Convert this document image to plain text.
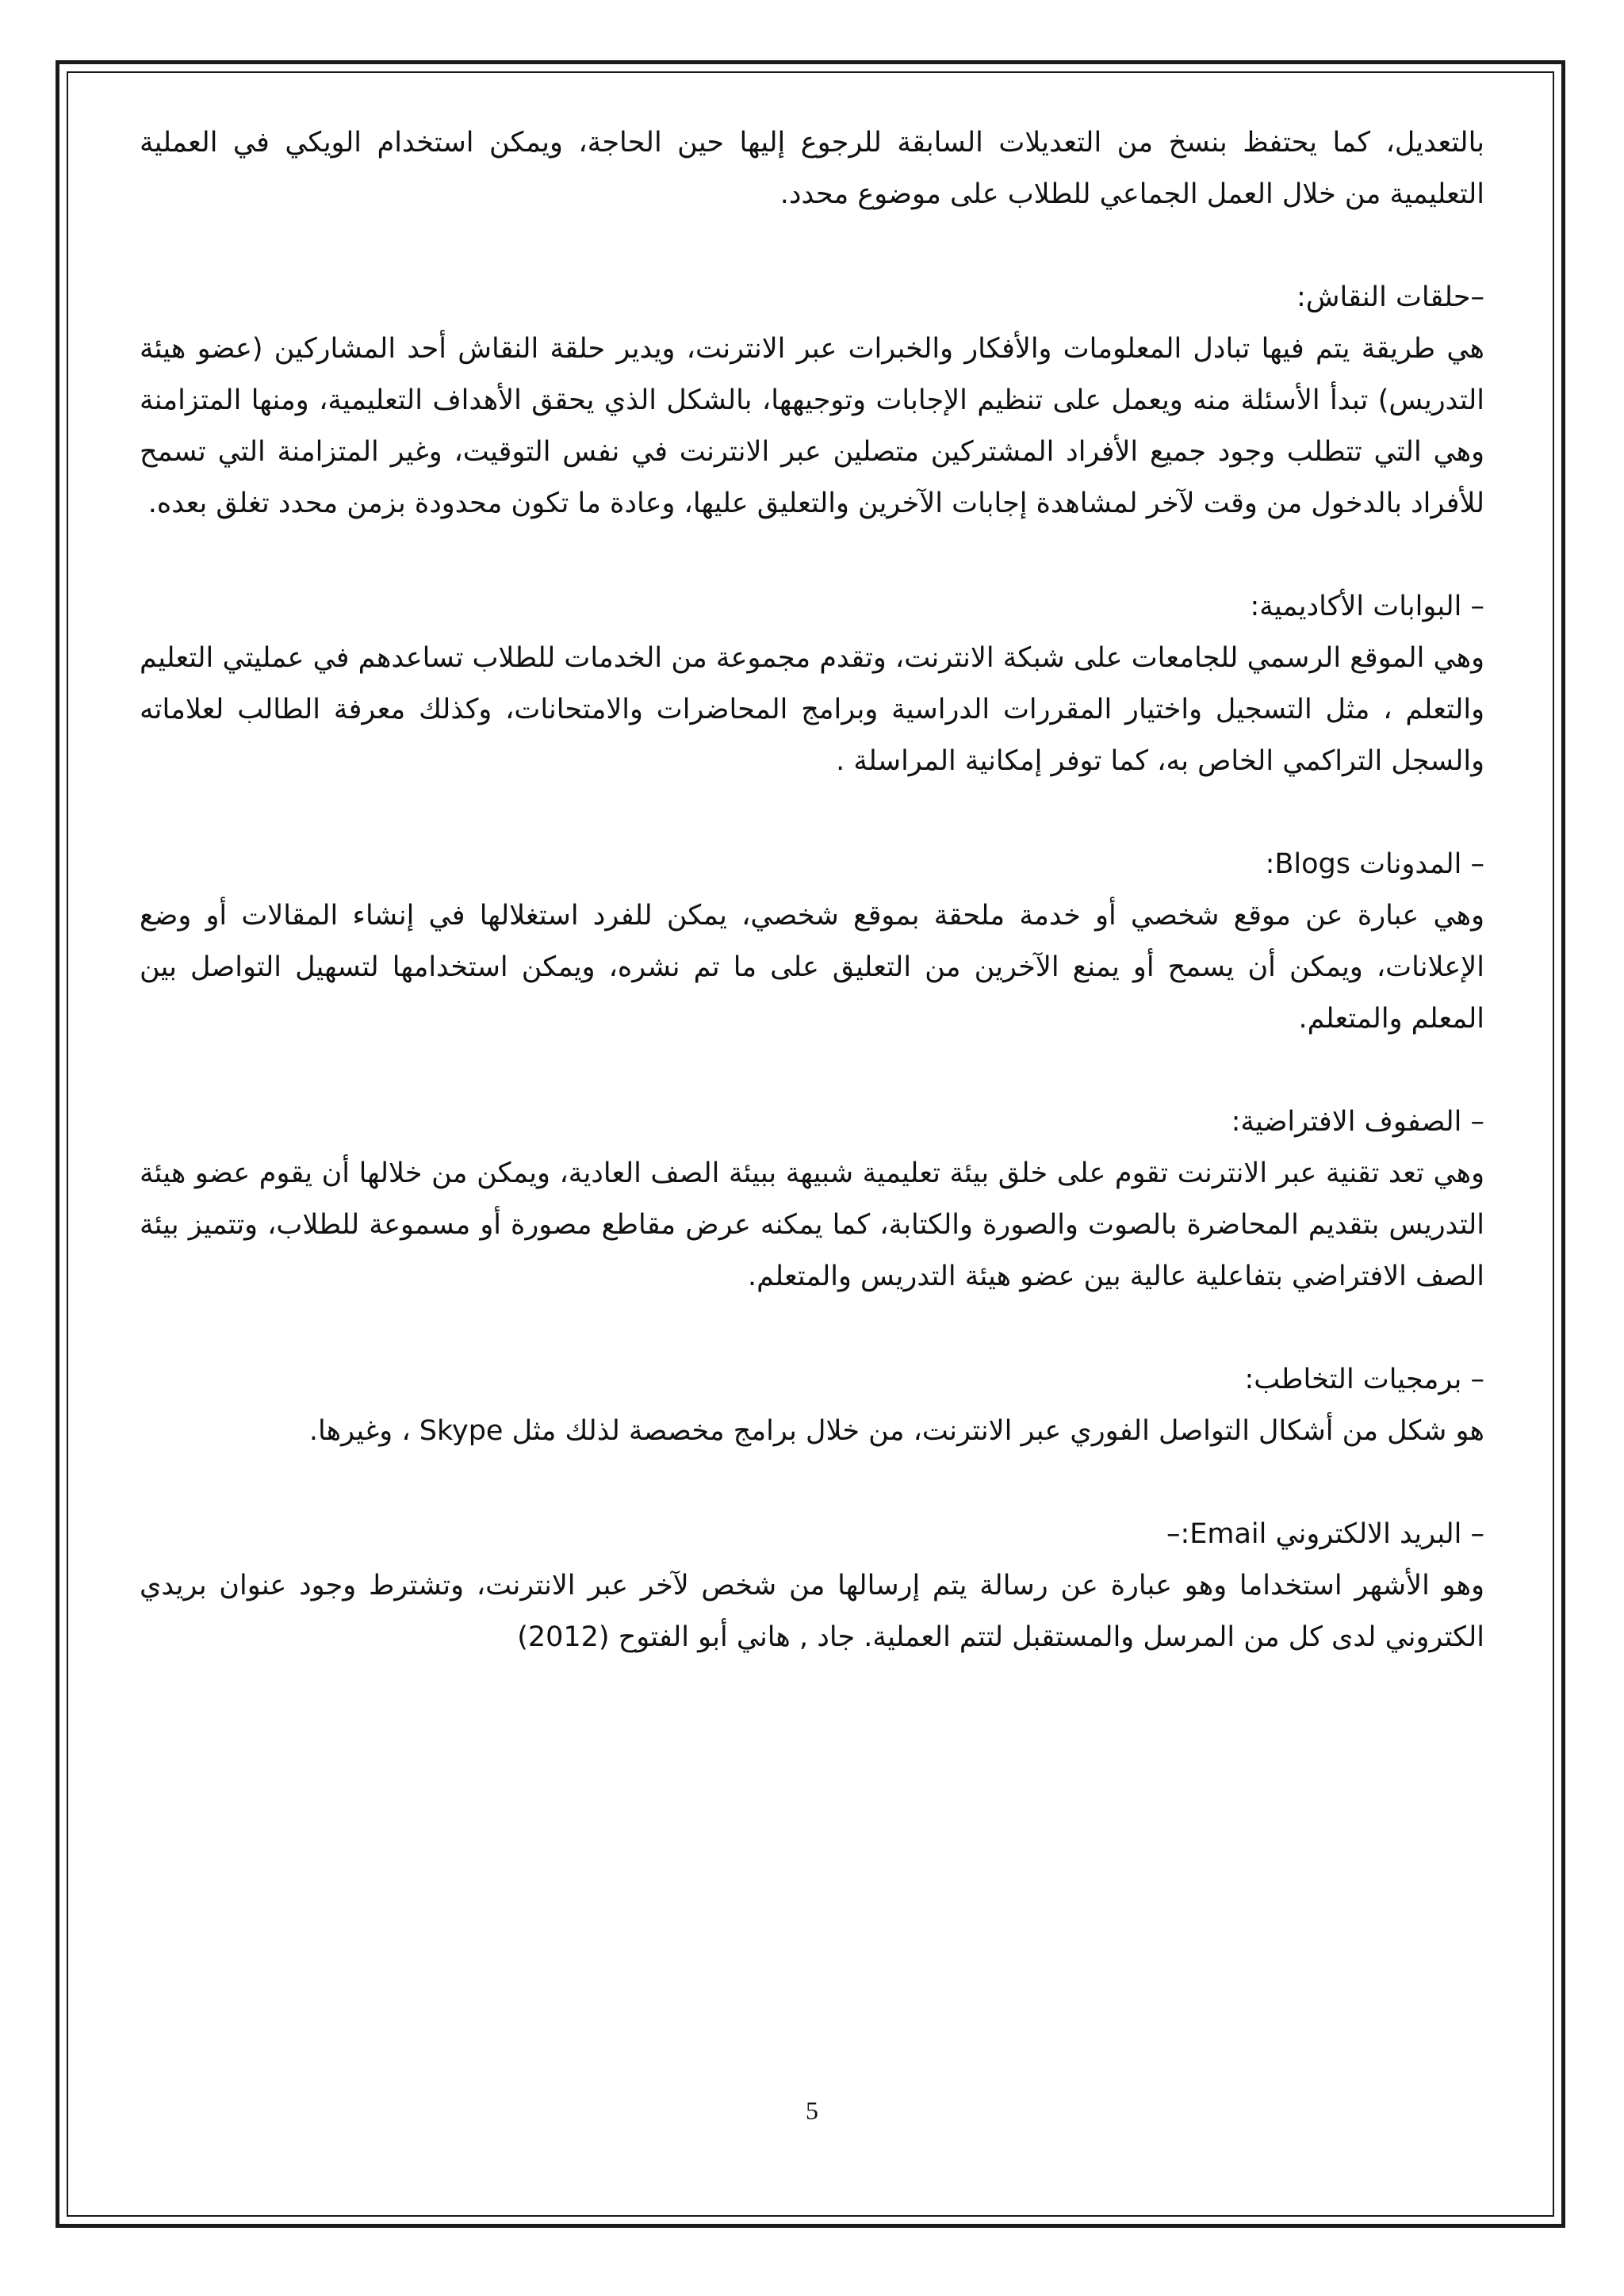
بالتعديل، كما يحتفظ بنسخ من التعديلات السابقة للرجوع إليها حين الحاجة، ويمكن استخدام الويكي في العملية التعليمية من خلال العمل الجماعي للطلاب على موضوع محدد.

–حلقات النقاش:

هي طريقة يتم فيها تبادل المعلومات والأفكار والخبرات عبر الانترنت، ويدير حلقة النقاش أحد المشاركين (عضو هيئة التدريس) تبدأ الأسئلة منه ويعمل على تنظيم الإجابات وتوجيهها، بالشكل الذي يحقق الأهداف التعليمية، ومنها المتزامنة وهي التي تتطلب وجود جميع الأفراد المشتركين متصلين عبر الانترنت في نفس التوقيت، وغير المتزامنة التي تسمح للأفراد بالدخول من وقت لآخر لمشاهدة إجابات الآخرين والتعليق عليها، وعادة ما تكون محدودة بزمن محدد تغلق بعده.

– البوابات الأكاديمية:

وهي الموقع الرسمي للجامعات على شبكة الانترنت، وتقدم مجموعة من الخدمات للطلاب تساعدهم في عمليتي التعليم والتعلم ، مثل التسجيل واختيار المقررات الدراسية وبرامج المحاضرات والامتحانات، وكذلك معرفة الطالب لعلاماته والسجل التراكمي الخاص به، كما توفر إمكانية المراسلة .

– المدونات Blogs:

وهي عبارة عن موقع شخصي أو خدمة ملحقة بموقع شخصي، يمكن للفرد استغلالها في إنشاء المقالات أو وضع الإعلانات، ويمكن أن يسمح أو يمنع الآخرين من التعليق على ما تم نشره، ويمكن استخدامها لتسهيل التواصل بين المعلم والمتعلم.

– الصفوف الافتراضية:

وهي تعد تقنية عبر الانترنت تقوم على خلق بيئة تعليمية شبيهة ببيئة الصف العادية، ويمكن من خلالها أن يقوم عضو هيئة التدريس بتقديم المحاضرة بالصوت والصورة والكتابة، كما يمكنه عرض مقاطع مصورة أو مسموعة للطلاب، وتتميز بيئة الصف الافتراضي بتفاعلية عالية بين عضو هيئة التدريس والمتعلم.

– برمجيات التخاطب:

هو شكل من أشكال التواصل الفوري عبر الانترنت، من خلال برامج مخصصة لذلك مثل Skype ، وغيرها.

– البريد الالكتروني Email:–

وهو الأشهر استخداما وهو عبارة عن رسالة يتم إرسالها من شخص لآخر عبر الانترنت، وتشترط وجود عنوان بريدي الكتروني لدى كل من المرسل والمستقبل لتتم العملية. جاد , هاني أبو الفتوح (2012)

5
